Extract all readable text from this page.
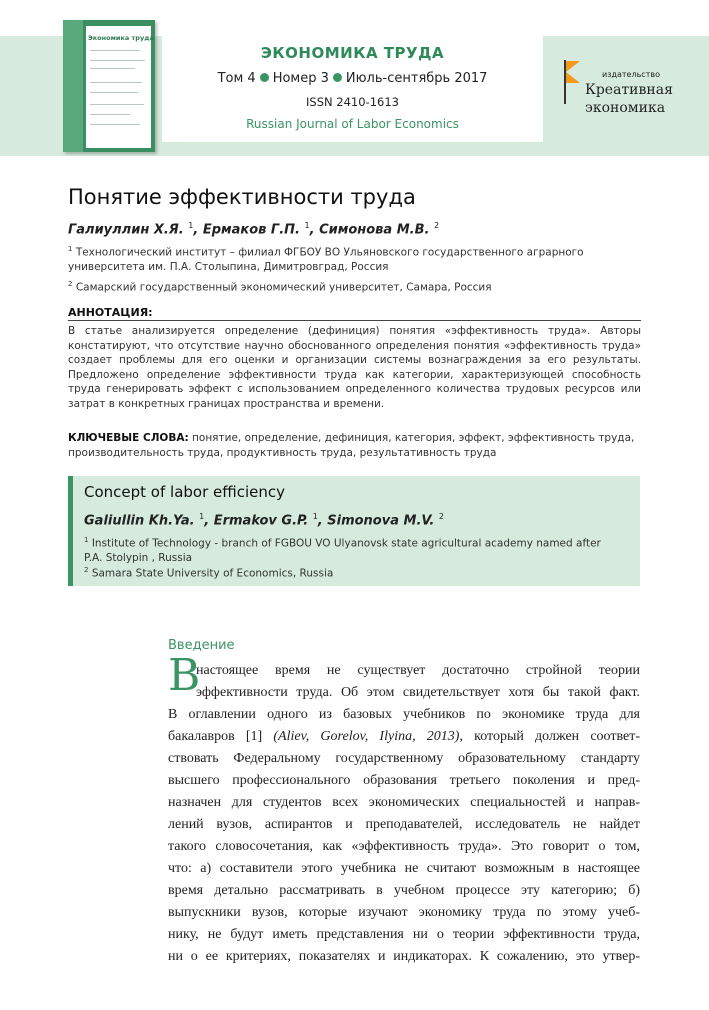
Экономика труда
ЭКОНОМИКА ТРУДА
Том 4 Номер 3 Июль-сентябрь 2017
ISSN 2410-1613
Russian Journal of Labor Economics
издательство
Креативная
экономика
Понятие эффективности труда
Галиуллин Х.Я. $^1$, Ермаков Г.П. $^1$, Симонова М.В. $^2$
$^1$ Технологический институт – филиал ФГБОУ ВО Ульяновского государственного аграрного
университета им. П.А. Столыпина, Димитровград, Россия
$^2$ Самарский государственный экономический университет, Самара, Россия
АННОТАЦИЯ:
В статье анализируется определение (дефиниция) понятия «эффективность труда». Авторы констатируют, что отсутствие научно обоснованного определения понятия «эффективность труда» создает проблемы для его оценки и организации системы вознаграждения за его результаты. Предложено определение эффективности труда как категории, характеризующей способность труда генерировать эффект с использованием определенного количества трудовых ресурсов или затрат в конкретных границах пространства и времени.
КЛЮЧЕВЫЕ СЛОВА: понятие, определение, дефиниция, категория, эффект, эффективность труда, производительность труда, продуктивность труда, результативность труда
Concept of labor efficiency
Galiullin Kh.Ya. $^1$, Ermakov G.P. $^1$, Simonova M.V. $^2$
$^1$ Institute of Technology - branch of FGBOU VO Ulyanovsk state agricultural academy named after
P.A. Stolypin , Russia
$^2$ Samara State University of Economics, Russia
Введение
В
настоящее время не существует достаточно стройной теории
эффективности труда. Об этом свидетельствует хотя бы такой факт.
В оглавлении одного из базовых учебников по экономике труда для
бакалавров [1] (Aliev, Gorelov, Ilyina, 2013), который должен соответ-
ствовать Федеральному государственному образовательному стандарту
высшего профессионального образования третьего поколения и пред-
назначен для студентов всех экономических специальностей и направ-
лений вузов, аспирантов и преподавателей, исследователь не найдет
такого словосочетания, как «эффективность труда». Это говорит о том,
что: а) составители этого учебника не считают возможным в настоящее
время детально рассматривать в учебном процессе эту категорию; б)
выпускники вузов, которые изучают экономику труда по этому учеб-
нику, не будут иметь представления ни о теории эффективности труда,
ни о ее критериях, показателях и индикаторах. К сожалению, это утвер-
